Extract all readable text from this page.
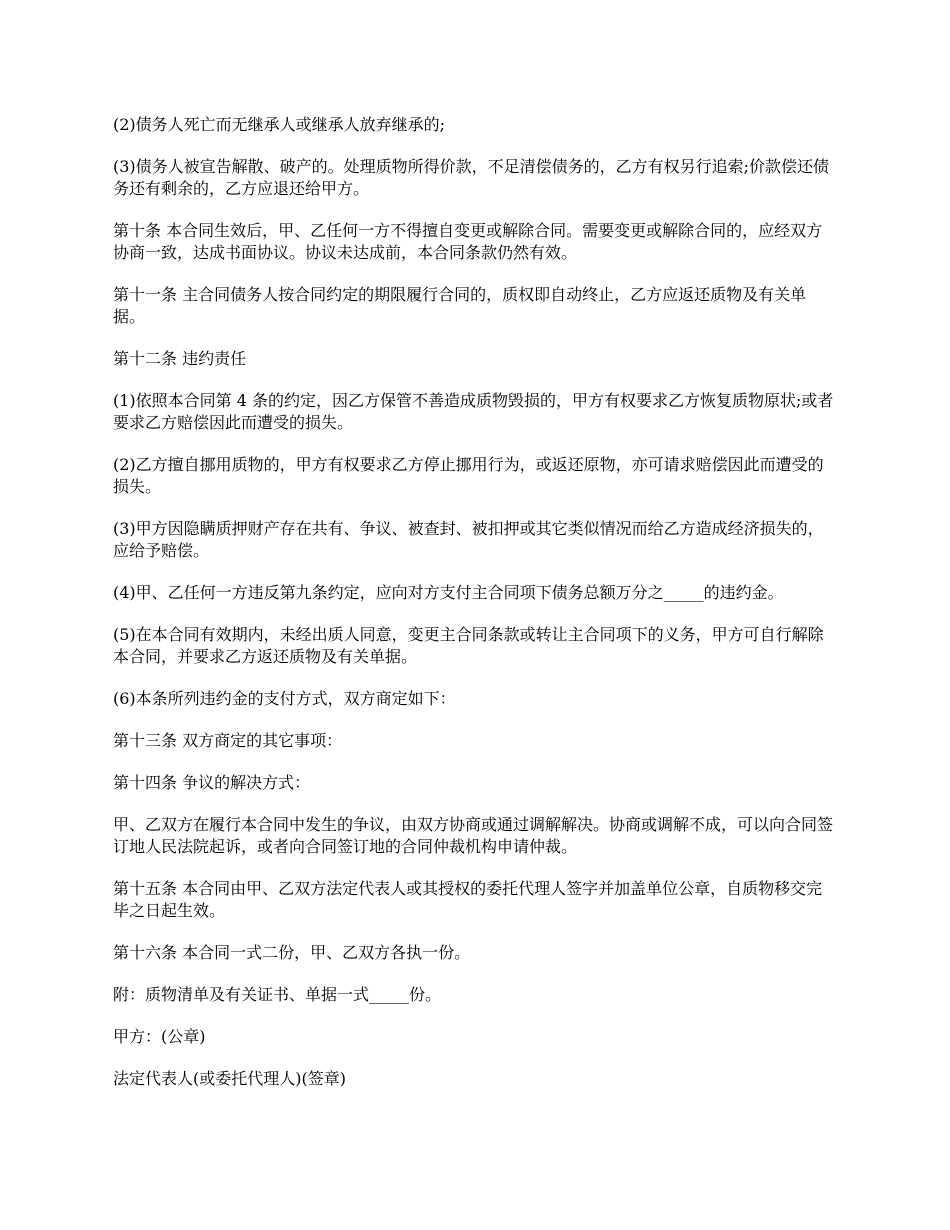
(2)债务人死亡而无继承人或继承人放弃继承的;

(3)债务人被宣告解散、破产的。处理质物所得价款，不足清偿债务的，乙方有权另行追索;价款偿还债务还有剩余的，乙方应退还给甲方。

第十条 本合同生效后，甲、乙任何一方不得擅自变更或解除合同。需要变更或解除合同的，应经双方协商一致，达成书面协议。协议未达成前，本合同条款仍然有效。

第十一条 主合同债务人按合同约定的期限履行合同的，质权即自动终止，乙方应返还质物及有关单据。

第十二条 违约责任

(1)依照本合同第 4 条的约定，因乙方保管不善造成质物毁损的，甲方有权要求乙方恢复质物原状;或者要求乙方赔偿因此而遭受的损失。

(2)乙方擅自挪用质物的，甲方有权要求乙方停止挪用行为，或返还原物，亦可请求赔偿因此而遭受的损失。

(3)甲方因隐瞒质押财产存在共有、争议、被查封、被扣押或其它类似情况而给乙方造成经济损失的，应给予赔偿。

(4)甲、乙任何一方违反第九条约定，应向对方支付主合同项下债务总额万分之_____的违约金。

(5)在本合同有效期内，未经出质人同意，变更主合同条款或转让主合同项下的义务，甲方可自行解除本合同，并要求乙方返还质物及有关单据。

(6)本条所列违约金的支付方式，双方商定如下：

第十三条 双方商定的其它事项：

第十四条 争议的解决方式：

甲、乙双方在履行本合同中发生的争议，由双方协商或通过调解解决。协商或调解不成，可以向合同签订地人民法院起诉，或者向合同签订地的合同仲裁机构申请仲裁。

第十五条 本合同由甲、乙双方法定代表人或其授权的委托代理人签字并加盖单位公章，自质物移交完毕之日起生效。

第十六条 本合同一式二份，甲、乙双方各执一份。

附：质物清单及有关证书、单据一式_____份。

甲方：(公章)

法定代表人(或委托代理人)(签章)
